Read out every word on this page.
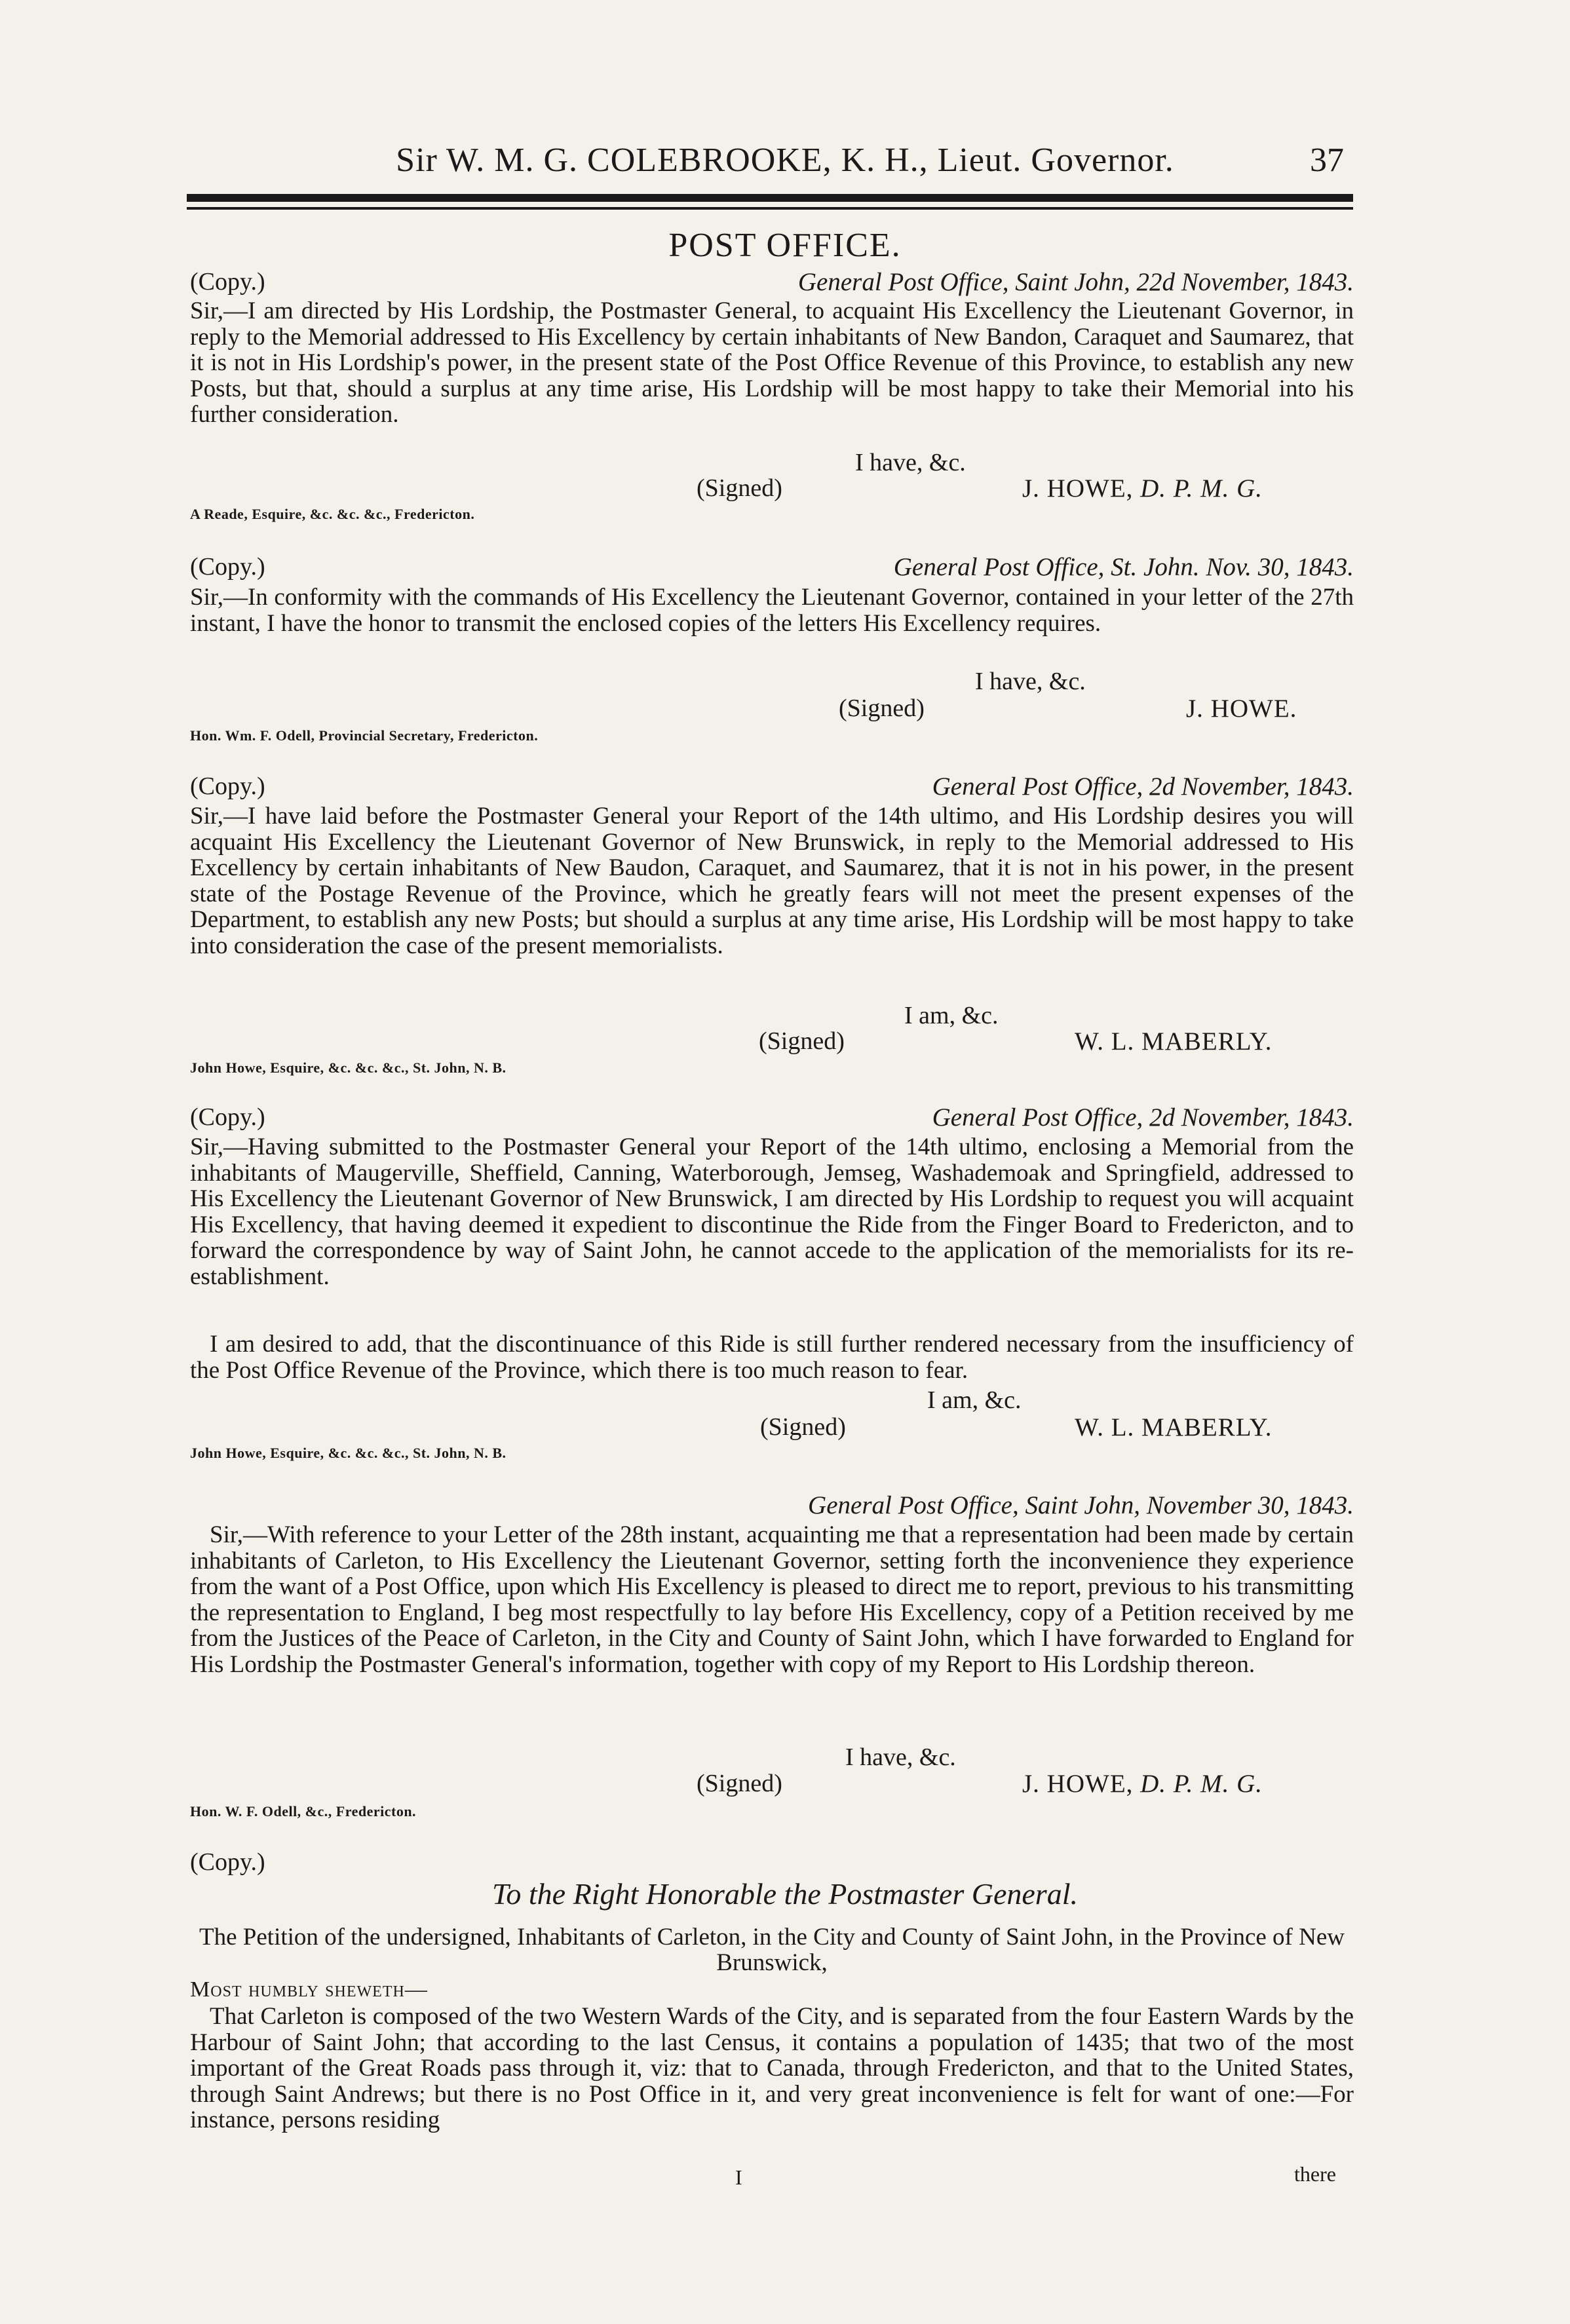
Sir W. M. G. COLEBROOKE, K. H., Lieut. Governor.	37
POST OFFICE.
(Copy.)	General Post Office, Saint John, 22d November, 1843.
Sir,—I am directed by His Lordship, the Postmaster General, to acquaint His Excellency the Lieutenant Governor, in reply to the Memorial addressed to His Excellency by certain inhabitants of New Bandon, Caraquet and Saumarez, that it is not in His Lordship's power, in the present state of the Post Office Revenue of this Province, to establish any new Posts, but that, should a surplus at any time arise, His Lordship will be most happy to take their Memorial into his further consideration.
I have, &c.
(Signed)	J. HOWE, D. P. M. G.
A Reade, Esquire, &c. &c. &c., Fredericton.
(Copy.)	General Post Office, St. John. Nov. 30, 1843.
Sir,—In conformity with the commands of His Excellency the Lieutenant Governor, contained in your letter of the 27th instant, I have the honor to transmit the enclosed copies of the letters His Excellency requires.
I have, &c.
(Signed)	J. HOWE.
Hon. Wm. F. Odell, Provincial Secretary, Fredericton.
(Copy.)	General Post Office, 2d November, 1843.
Sir,—I have laid before the Postmaster General your Report of the 14th ultimo, and His Lordship desires you will acquaint His Excellency the Lieutenant Governor of New Brunswick, in reply to the Memorial addressed to His Excellency by certain inhabitants of New Baudon, Caraquet, and Saumarez, that it is not in his power, in the present state of the Postage Revenue of the Province, which he greatly fears will not meet the present expenses of the Department, to establish any new Posts; but should a surplus at any time arise, His Lordship will be most happy to take into consideration the case of the present memorialists.
I am, &c.
(Signed)	W. L. MABERLY.
John Howe, Esquire, &c. &c. &c., St. John, N. B.
(Copy.)	General Post Office, 2d November, 1843.
Sir,—Having submitted to the Postmaster General your Report of the 14th ultimo, enclosing a Memorial from the inhabitants of Maugerville, Sheffield, Canning, Waterborough, Jemseg, Washademoak and Springfield, addressed to His Excellency the Lieutenant Governor of New Brunswick, I am directed by His Lordship to request you will acquaint His Excellency, that having deemed it expedient to discontinue the Ride from the Finger Board to Fredericton, and to forward the correspondence by way of Saint John, he cannot accede to the application of the memorialists for its re-establishment.
I am desired to add, that the discontinuance of this Ride is still further rendered necessary from the insufficiency of the Post Office Revenue of the Province, which there is too much reason to fear.
I am, &c.
(Signed)	W. L. MABERLY.
John Howe, Esquire, &c. &c. &c., St. John, N. B.
General Post Office, Saint John, November 30, 1843.
Sir,—With reference to your Letter of the 28th instant, acquainting me that a representation had been made by certain inhabitants of Carleton, to His Excellency the Lieutenant Governor, setting forth the inconvenience they experience from the want of a Post Office, upon which His Excellency is pleased to direct me to report, previous to his transmitting the representation to England, I beg most respectfully to lay before His Excellency, copy of a Petition received by me from the Justices of the Peace of Carleton, in the City and County of Saint John, which I have forwarded to England for His Lordship the Postmaster General's information, together with copy of my Report to His Lordship thereon.
I have, &c.
(Signed)	J. HOWE, D. P. M. G.
Hon. W. F. Odell, &c., Fredericton.
(Copy.)
To the Right Honorable the Postmaster General.
The Petition of the undersigned, Inhabitants of Carleton, in the City and County of Saint John, in the Province of New Brunswick,
Most humbly sheweth—
That Carleton is composed of the two Western Wards of the City, and is separated from the four Eastern Wards by the Harbour of Saint John; that according to the last Census, it contains a population of 1435; that two of the most important of the Great Roads pass through it, viz: that to Canada, through Fredericton, and that to the United States, through Saint Andrews; but there is no Post Office in it, and very great inconvenience is felt for want of one:—For instance, persons residing
I	there
